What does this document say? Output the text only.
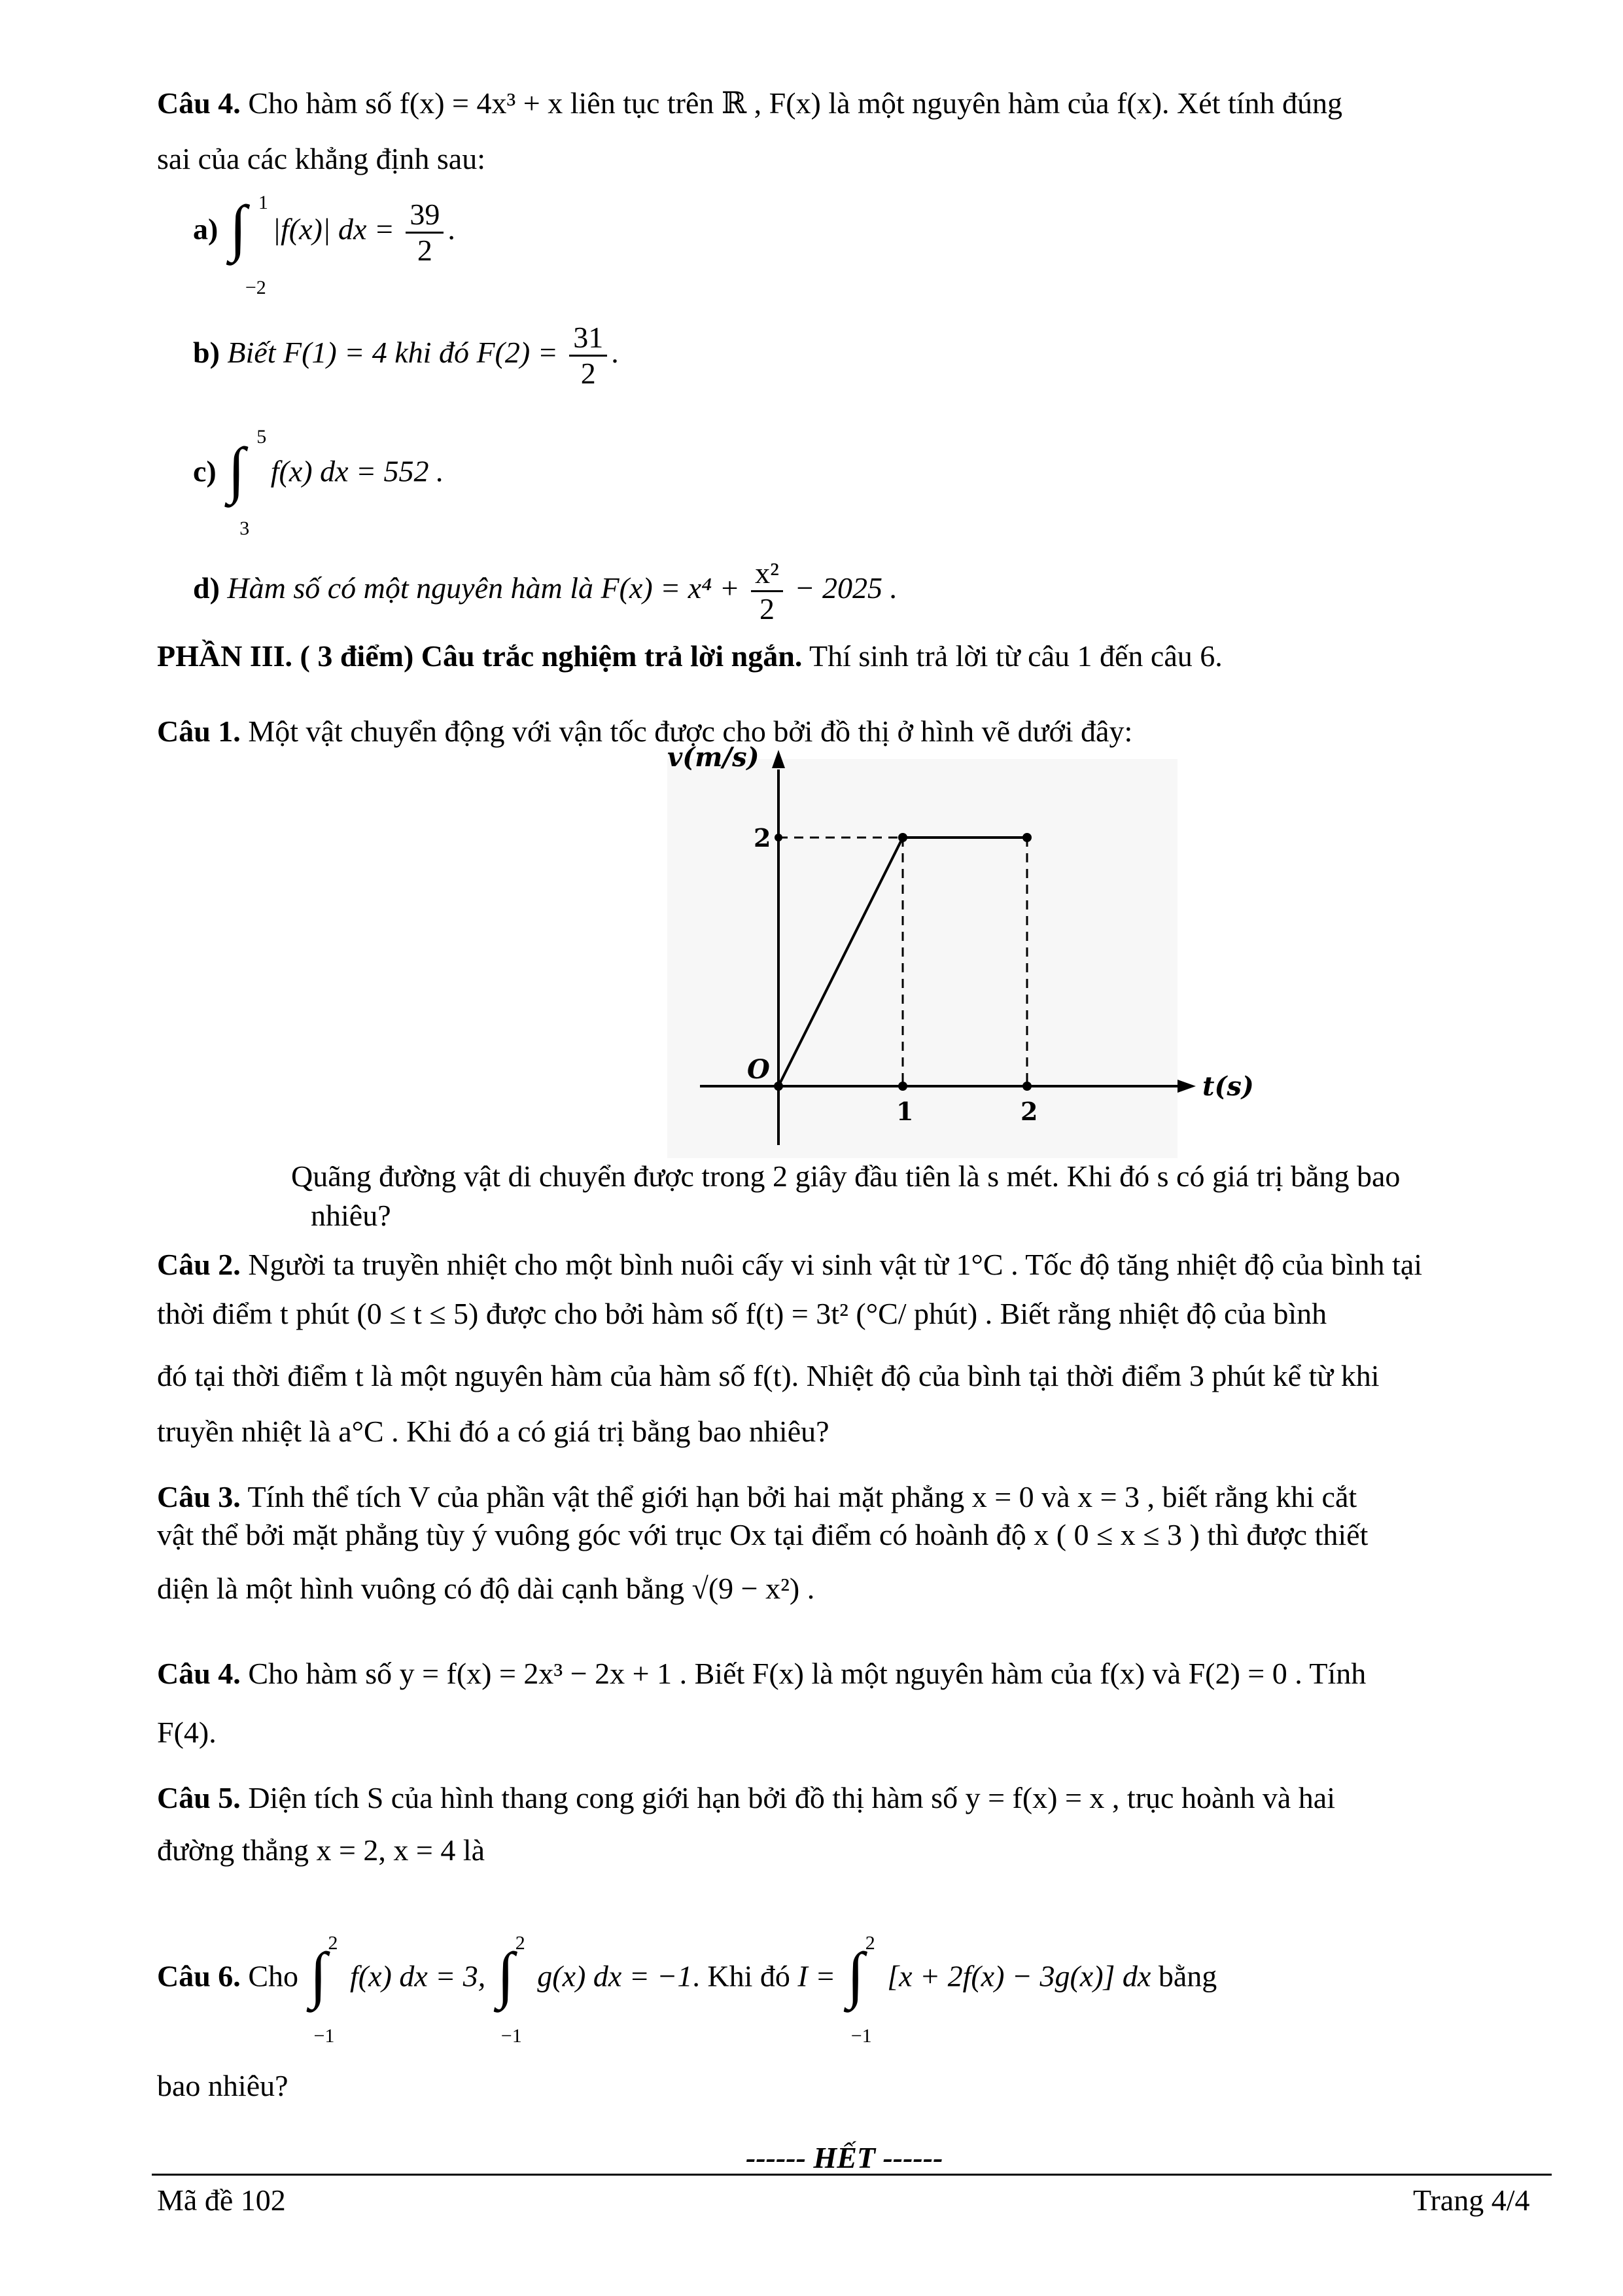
Câu 4. Cho hàm số f(x) = 4x³ + x liên tục trên ℝ , F(x) là một nguyên hàm của f(x). Xét tính đúng
sai của các khẳng định sau:
a) ∫ 1
−2
|f(x)| dx = $\frac{39}{2}$ .
b) Biết F(1) = 4 khi đó $F(2) = \frac{31}{2}$ .
c) ∫ 5
3
f(x) dx = 552 .
d) Hàm số có một nguyên hàm là $F(x) = x^4 + \frac{\text{x²}}{2} - 2025$ .
PHẦN III. ( 3 điểm) Câu trắc nghiệm trả lời ngắn. Thí sinh trả lời từ câu 1 đến câu 6.
Câu 1. Một vật chuyển động với vận tốc được cho bởi đồ thị ở hình vẽ dưới đây:
t(s)
v(m/s)
O
1	2
2
Quãng đường vật di chuyển được trong 2 giây đầu tiên là s mét. Khi đó s có giá trị bằng bao
nhiêu?
Câu 2. Người ta truyền nhiệt cho một bình nuôi cấy vi sinh vật từ 1°C . Tốc độ tăng nhiệt độ của bình tại
thời điểm t phút (0 ≤ t ≤ 5) được cho bởi hàm số f(t) = 3t² (°C/ phút) . Biết rằng nhiệt độ của bình
đó tại thời điểm t là một nguyên hàm của hàm số f(t). Nhiệt độ của bình tại thời điểm 3 phút kể từ khi
truyền nhiệt là a°C . Khi đó a có giá trị bằng bao nhiêu?
Câu 3. Tính thể tích V của phần vật thể giới hạn bởi hai mặt phẳng x = 0 và x = 3 , biết rằng khi cắt
vật thể bởi mặt phẳng tùy ý vuông góc với trục Ox tại điểm có hoành độ x ( 0 ≤ x ≤ 3 ) thì được thiết
diện là một hình vuông có độ dài cạnh bằng √(9 − x²) .
Câu 4. Cho hàm số y = f(x) = 2x³ − 2x + 1 . Biết F(x) là một nguyên hàm của f(x) và F(2) = 0 . Tính
F(4).
Câu 5. Diện tích S của hình thang cong giới hạn bởi đồ thị hàm số y = f(x) = x , trục hoành và hai
đường thẳng x = 2, x = 4 là
Câu 6. Cho ∫ 2
−1
f(x) dx = 3, ∫ 2
−1
g(x) dx = −1. Khi đó I = ∫ 2
−1
[x + 2f(x) − 3g(x)] dx bằng
bao nhiêu?
------ HẾT ------
Mã đề 102	Trang 4/4
